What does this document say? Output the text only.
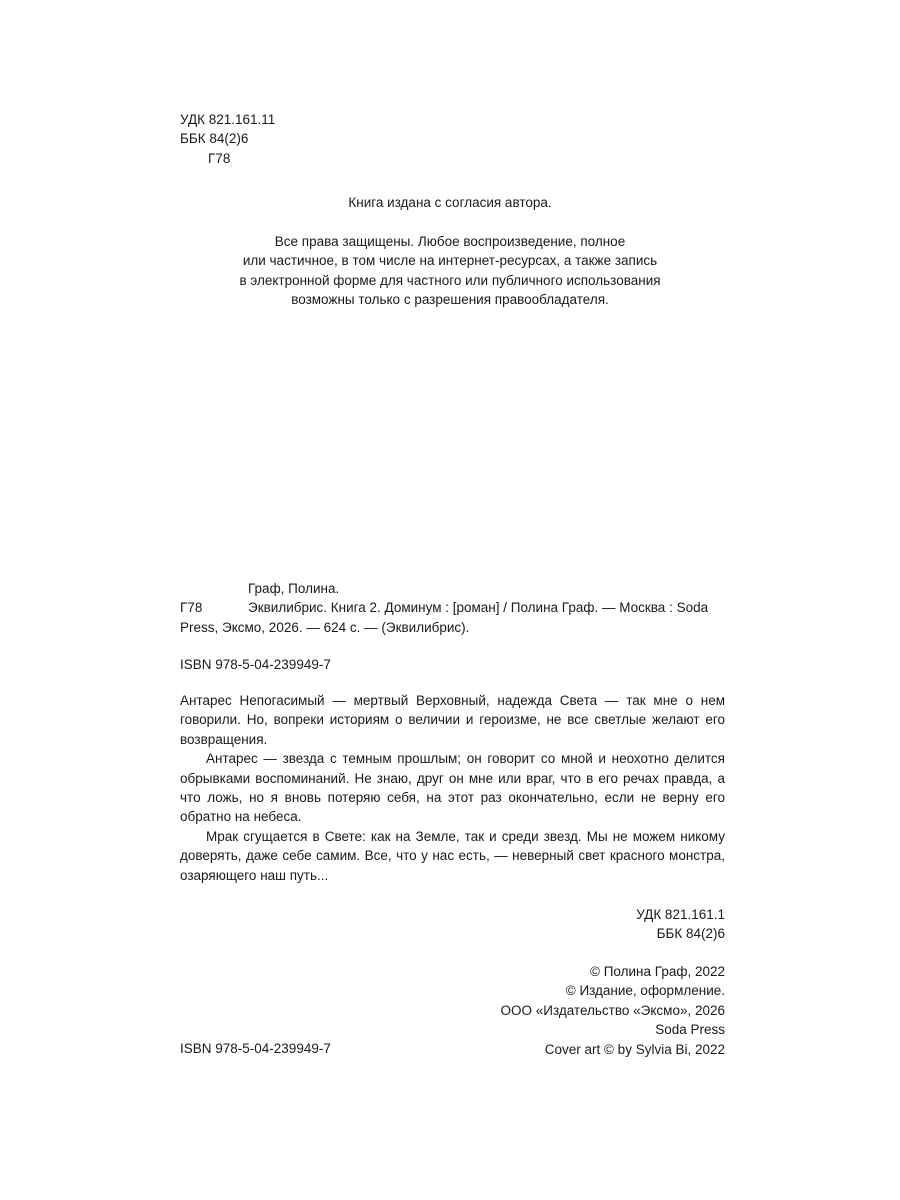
УДК 821.161.11
ББК 84(2)6
Г78
Книга издана с согласия автора.
Все права защищены. Любое воспроизведение, полное
или частичное, в том числе на интернет-ресурсах, а также запись
в электронной форме для частного или публичного использования
возможны только с разрешения правообладателя.
Граф, Полина.
Г78	Эквилибрис. Книга 2. Доминум : [роман] / Полина Граф. — Москва : Soda
Press, Эксмо, 2026. — 624 с. — (Эквилибрис).
ISBN 978-5-04-239949-7

Антарес Непогасимый — мертвый Верховный, надежда Света — так мне о нем говорили. Но, вопреки историям о величии и героизме, не все светлые желают его возвращения.

Антарес — звезда с темным прошлым; он говорит со мной и неохотно делится обрывками воспоминаний. Не знаю, друг он мне или враг, что в его речах правда, а что ложь, но я вновь потеряю себя, на этот раз окончательно, если не верну его обратно на небеса.

Мрак сгущается в Свете: как на Земле, так и среди звезд. Мы не можем никому доверять, даже себе самим. Все, что у нас есть, — неверный свет красного монстра, озаряющего наш путь...

УДК 821.161.1
ББК 84(2)6
© Полина Граф, 2022
© Издание, оформление.
ООО «Издательство «Эксмо», 2026
Soda Press
Cover art © by Sylvia Bi, 2022
ISBN 978-5-04-239949-7
